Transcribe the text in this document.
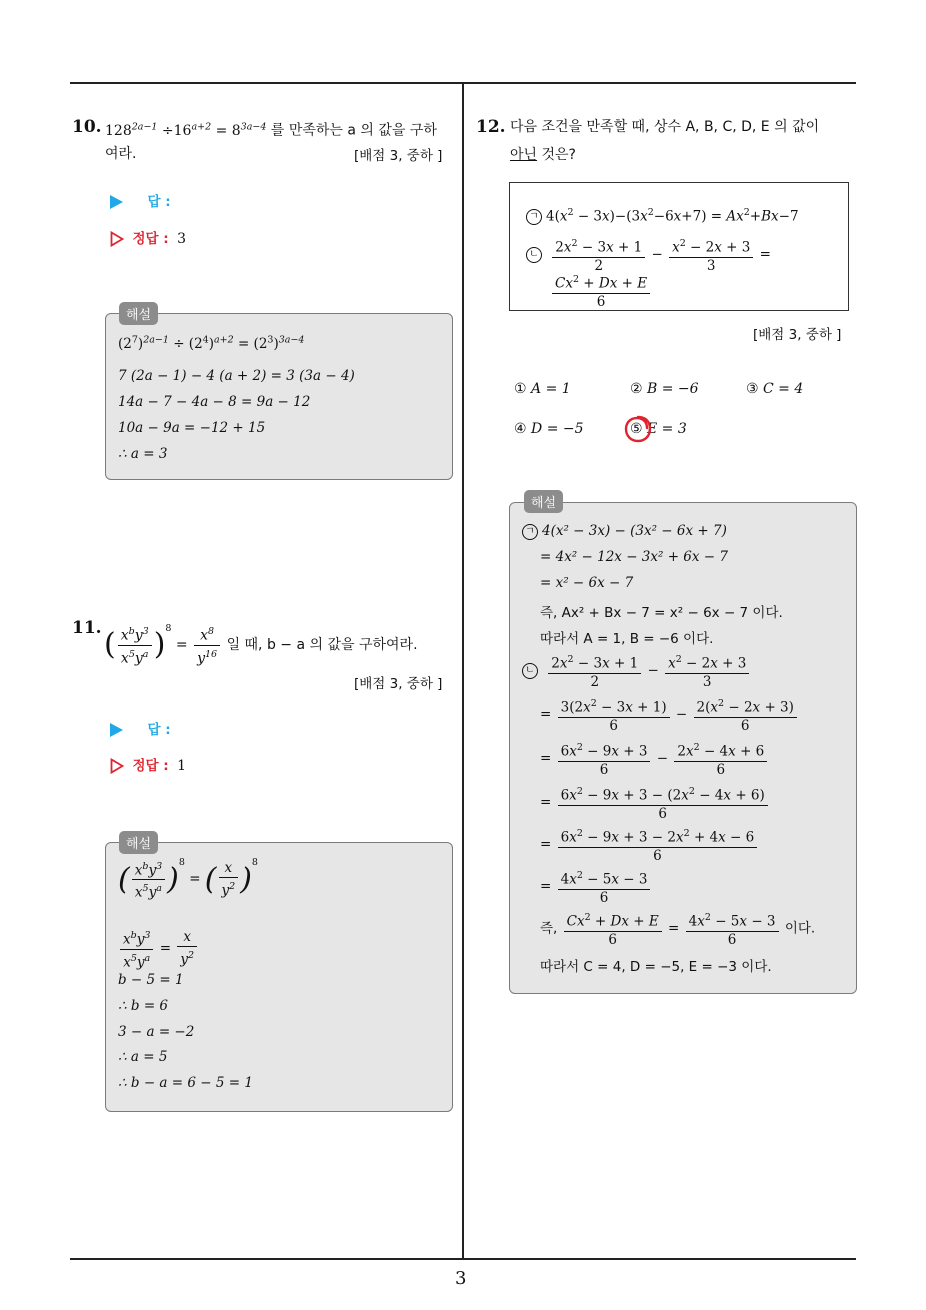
3
10. $128^{2a-1} \div 16^{a+2} = 8^{3a-4}$ 를 만족하는 a 의 값을 구하
여라.	[배점 3, 중하 ]
답 :
정답 : 3
$(2^7)^{2a-1} \div (2^4)^{a+2} = (2^3)^{3a-4}$
7 (2a − 1) − 4 (a + 2) = 3 (3a − 4)
14a − 7 − 4a − 8 = 9a − 12
10a − 9a = −12 + 15
∴ a = 3
해설
11. ( $\frac{x^by^3}{x^5y^a} )^8 = \frac{x^8}{y^{16}}$ 일 때, b − a 의 값을 구하여라.
[배점 3, 중하 ]
답 :
정답 : 1
( $\frac{x^by^3}{x^5y^a} )^8$ = ( $\frac{x}{y^2} )^8$
$\frac{x^by^3}{x^5y^a} = \frac{x}{y^2}$
b − 5 = 1
∴ b = 6
3 − a = −2
∴ a = 5
∴ b − a = 6 − 5 = 1
해설
12. 다음 조건을 만족할 때, 상수 A, B, C, D, E 의 값이
아닌 것은?
ㄱ $4(x^2 - 3x)-(3x^2-6x+7) = Ax^2+Bx-7$
ㄴ $\frac{2x^2 - 3x + 1}{2} - \frac{x^2 - 2x + 3}{3}$ =
$\frac{Cx^2 + Dx + E}{6}$
[배점 3, 중하 ]
① A = 1	② B = −6	③ C = 4
④ D = −5	⑤ E = 3
ㄱ 4(x² − 3x) − (3x² − 6x + 7)
= 4x² − 12x − 3x² + 6x − 7
= x² − 6x − 7
즉, Ax² + Bx − 7 = x² − 6x − 7 이다.
따라서 A = 1, B = −6 이다.
ㄴ $\frac{2x^2 - 3x + 1}{2} - \frac{x^2 - 2x + 3}{3}$
= $\frac{3(2x^2 - 3x + 1)}{6} - \frac{2(x^2 - 2x + 3)}{6}$
= $\frac{6x^2 - 9x + 3}{6} - \frac{2x^2 - 4x + 6}{6}$
= $\frac{6x^2 - 9x + 3 - (2x^2 - 4x + 6)}{6}$
= $\frac{6x^2 - 9x + 3 - 2x^2 + 4x - 6}{6}$
= $\frac{4x^2 - 5x - 3}{6}$
즉, $\frac{Cx^2 + Dx + E}{6} = \frac{4x^2 - 5x - 3}{6}$ 이다.
따라서 C = 4, D = −5, E = −3 이다.
해설
